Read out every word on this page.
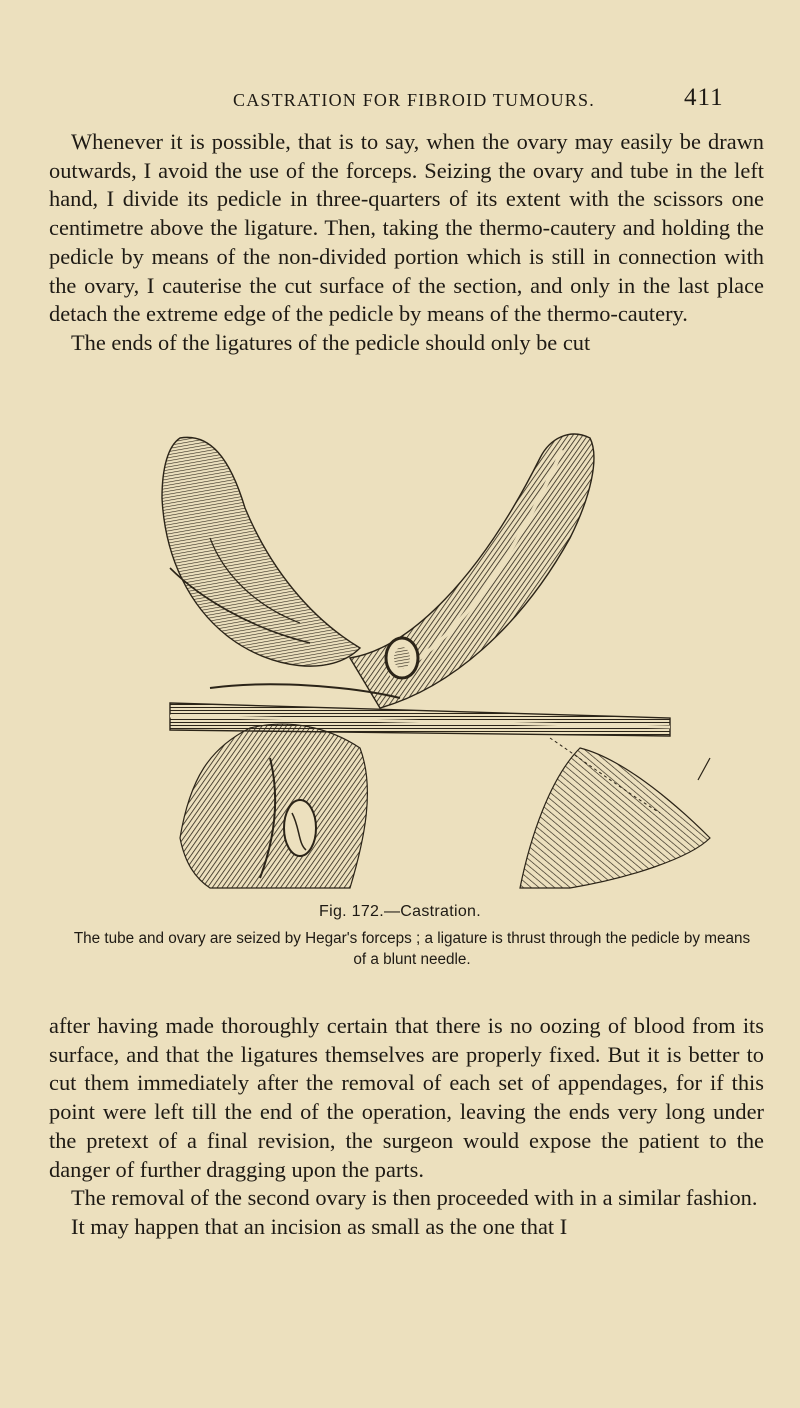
CASTRATION FOR FIBROID TUMOURS.	411

Whenever it is possible, that is to say, when the ovary may easily be drawn outwards, I avoid the use of the forceps. Seizing the ovary and tube in the left hand, I divide its pedicle in three-quarters of its extent with the scissors one centimetre above the ligature. Then, taking the thermo-cautery and holding the pedicle by means of the non-divided portion which is still in connection with the ovary, I cauterise the cut surface of the section, and only in the last place detach the extreme edge of the pedicle by means of the thermo-cautery.

The ends of the ligatures of the pedicle should only be cut

Fig. 172.—Castration.
The tube and ovary are seized by Hegar's forceps ; a ligature is thrust through the pedicle by means of a blunt needle.

after having made thoroughly certain that there is no oozing of blood from its surface, and that the ligatures themselves are properly fixed. But it is better to cut them immediately after the removal of each set of appendages, for if this point were left till the end of the operation, leaving the ends very long under the pretext of a final revision, the surgeon would expose the patient to the danger of further dragging upon the parts.

The removal of the second ovary is then proceeded with in a similar fashion.

It may happen that an incision as small as the one that I
